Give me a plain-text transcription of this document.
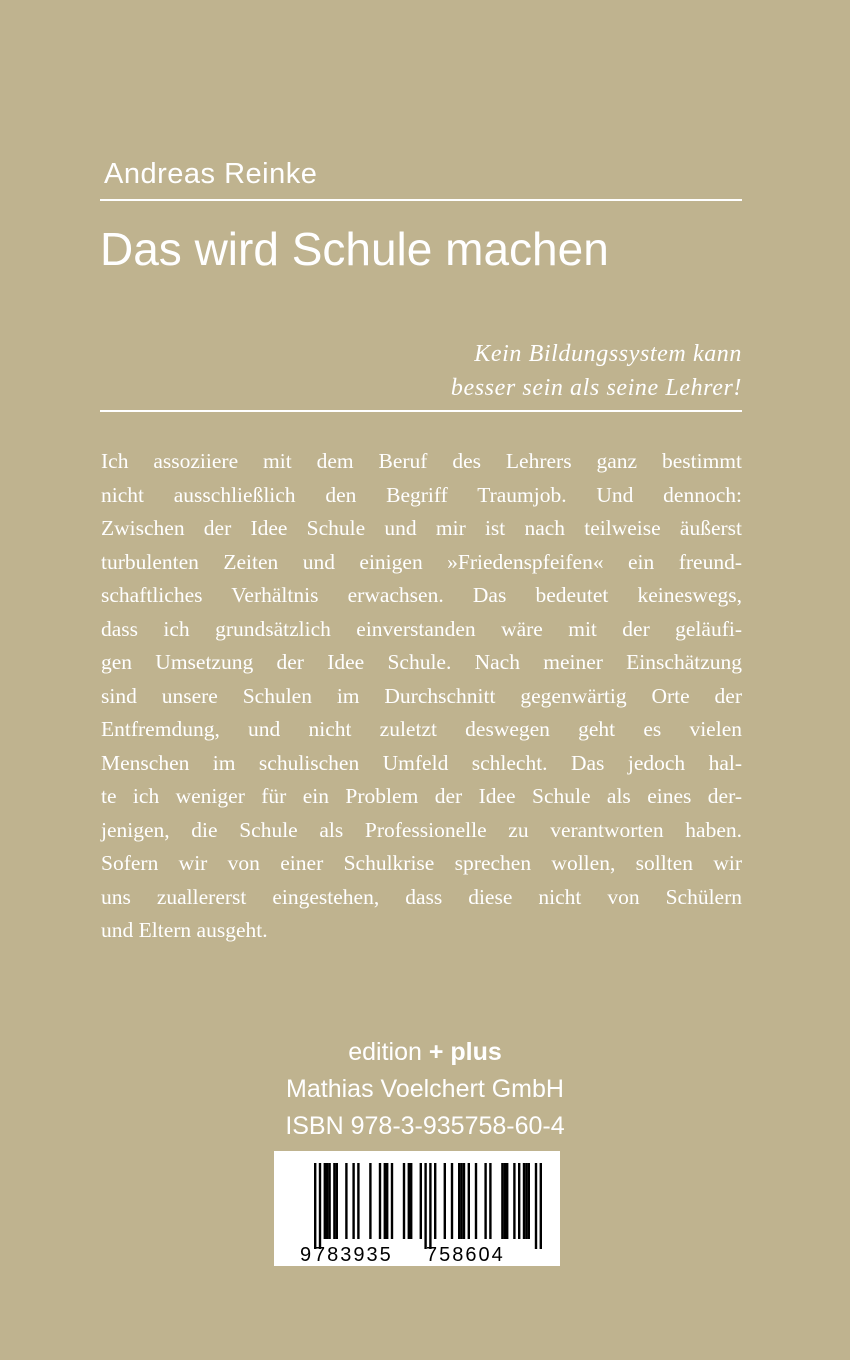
Andreas Reinke
Das wird Schule machen
Kein Bildungssystem kann
besser sein als seine Lehrer!
Ich assoziiere mit dem Beruf des Lehrers ganz bestimmt
nicht ausschließlich den Begriff Traumjob. Und dennoch:
Zwischen der Idee Schule und mir ist nach teilweise äußerst
turbulenten Zeiten und einigen »Friedenspfeifen« ein freund-
schaftliches Verhältnis erwachsen. Das bedeutet keineswegs,
dass ich grundsätzlich einverstanden wäre mit der geläufi-
gen Umsetzung der Idee Schule. Nach meiner Einschätzung
sind unsere Schulen im Durchschnitt gegenwärtig Orte der
Entfremdung, und nicht zuletzt deswegen geht es vielen
Menschen im schulischen Umfeld schlecht. Das jedoch hal-
te ich weniger für ein Problem der Idee Schule als eines der-
jenigen, die Schule als Professionelle zu verantworten haben.
Sofern wir von einer Schulkrise sprechen wollen, sollten wir
uns zuallererst eingestehen, dass diese nicht von Schülern
und Eltern ausgeht.
edition + plus
Mathias Voelchert GmbH
ISBN 978-3-935758-60-4
9 783935 758604
